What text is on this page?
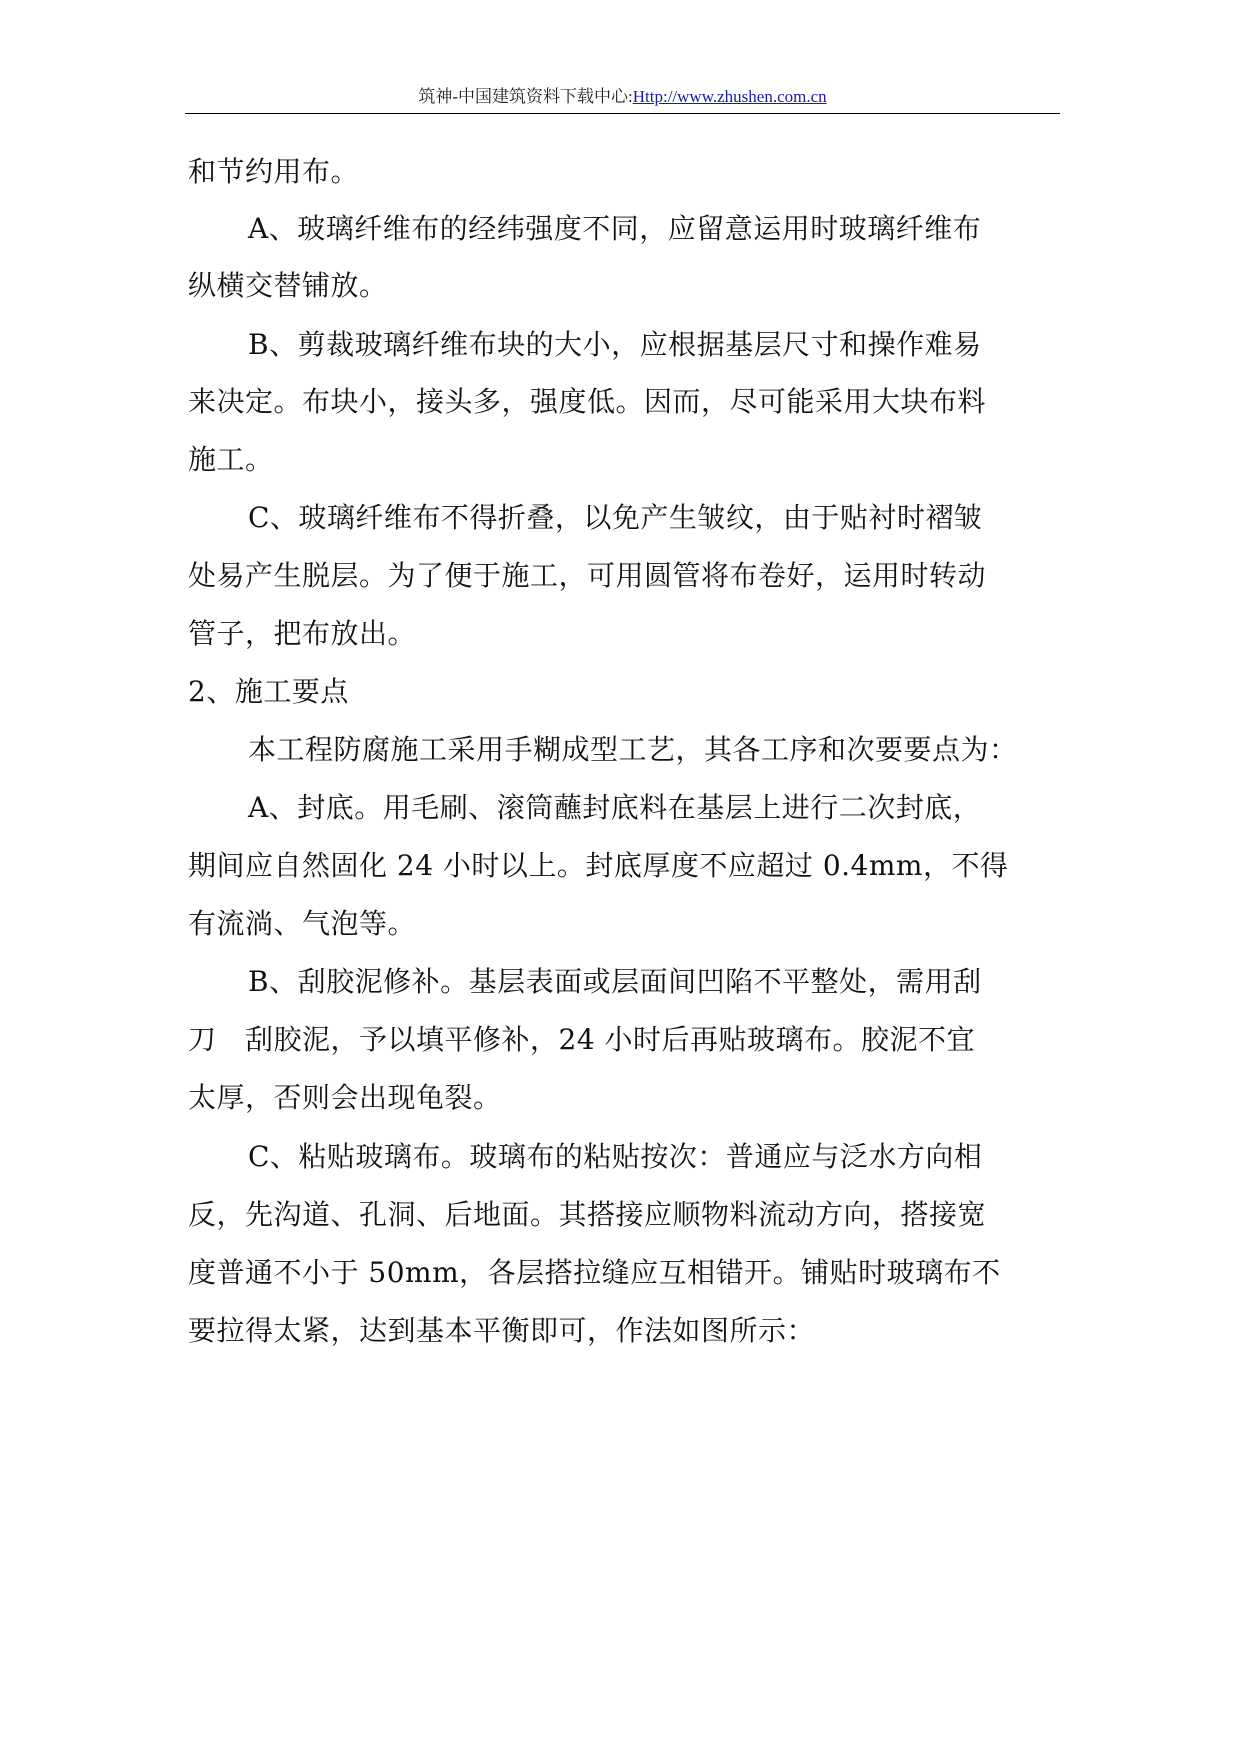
筑神-中国建筑资料下载中心:Http://www.zhushen.com.cn
和节约用布。
A、玻璃纤维布的经纬强度不同，应留意运用时玻璃纤维布
纵横交替铺放。
B、剪裁玻璃纤维布块的大小，应根据基层尺寸和操作难易
来决定。布块小，接头多，强度低。因而，尽可能采用大块布料
施工。
C、玻璃纤维布不得折叠，以免产生皱纹，由于贴衬时褶皱
处易产生脱层。为了便于施工，可用圆管将布卷好，运用时转动
管子，把布放出。
2、施工要点
本工程防腐施工采用手糊成型工艺，其各工序和次要要点为：
A、封底。用毛刷、滚筒蘸封底料在基层上进行二次封底，
期间应自然固化 24 小时以上。封底厚度不应超过 0.4mm，不得
有流淌、气泡等。
B、刮胶泥修补。基层表面或层面间凹陷不平整处，需用刮
刀　刮胶泥，予以填平修补，24 小时后再贴玻璃布。胶泥不宜
太厚，否则会出现龟裂。
C、粘贴玻璃布。玻璃布的粘贴按次：普通应与泛水方向相
反，先沟道、孔洞、后地面。其搭接应顺物料流动方向，搭接宽
度普通不小于 50mm，各层搭拉缝应互相错开。铺贴时玻璃布不
要拉得太紧，达到基本平衡即可，作法如图所示：
